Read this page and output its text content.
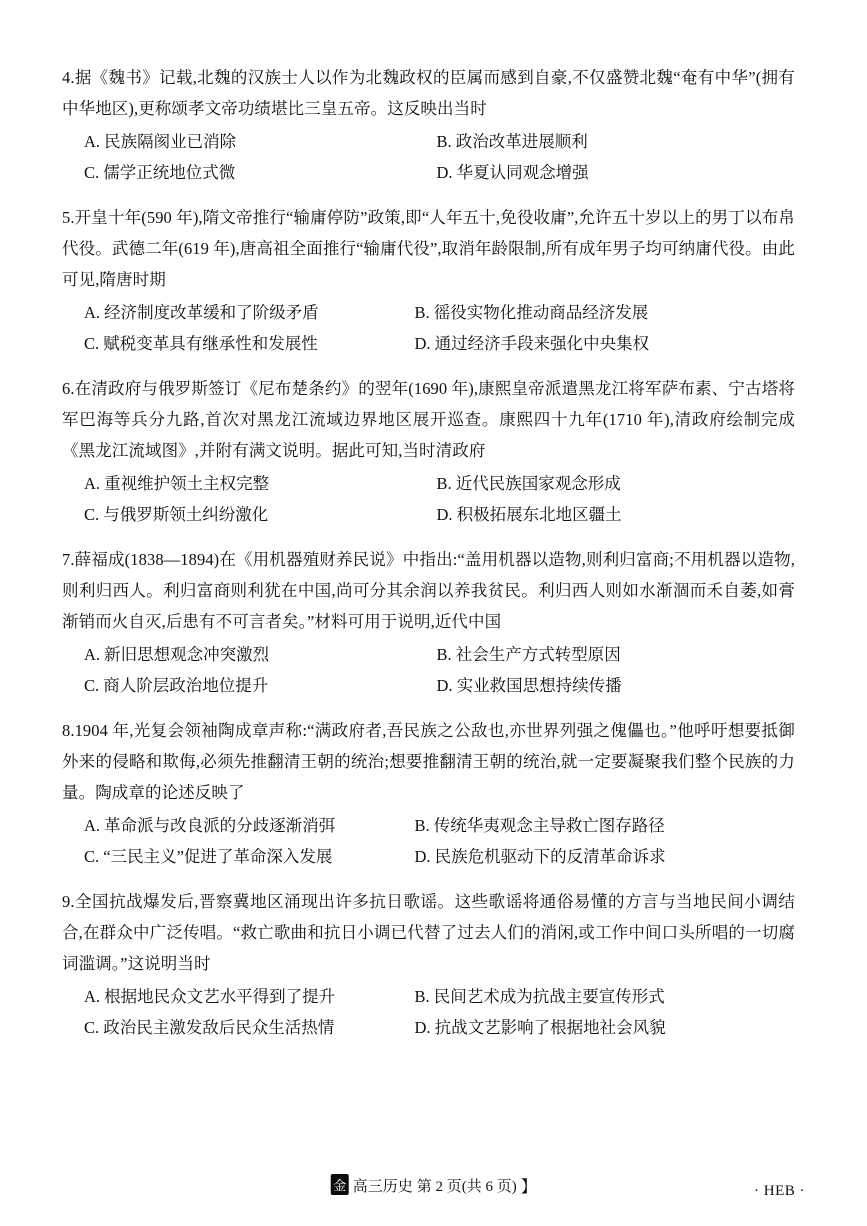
4.据《魏书》记载,北魏的汉族士人以作为北魏政权的臣属而感到自豪,不仅盛赞北魏“奄有中华”(拥有中华地区),更称颂孝文帝功绩堪比三皇五帝。这反映出当时
A. 民族隔阂业已消除	B. 政治改革进展顺利
C. 儒学正统地位式微	D. 华夏认同观念增强
5.开皇十年(590 年),隋文帝推行“输庸停防”政策,即“人年五十,免役收庸”,允许五十岁以上的男丁以布帛代役。武德二年(619 年),唐高祖全面推行“输庸代役”,取消年龄限制,所有成年男子均可纳庸代役。由此可见,隋唐时期
A. 经济制度改革缓和了阶级矛盾	B. 徭役实物化推动商品经济发展
C. 赋税变革具有继承性和发展性	D. 通过经济手段来强化中央集权
6.在清政府与俄罗斯签订《尼布楚条约》的翌年(1690 年),康熙皇帝派遣黑龙江将军萨布素、宁古塔将军巴海等兵分九路,首次对黑龙江流域边界地区展开巡查。康熙四十九年(1710 年),清政府绘制完成《黑龙江流域图》,并附有满文说明。据此可知,当时清政府
A. 重视维护领土主权完整	B. 近代民族国家观念形成
C. 与俄罗斯领土纠纷激化	D. 积极拓展东北地区疆土
7.薛福成(1838—1894)在《用机器殖财养民说》中指出:“盖用机器以造物,则利归富商;不用机器以造物,则利归西人。利归富商则利犹在中国,尚可分其余润以养我贫民。利归西人则如水渐涸而禾自萎,如膏渐销而火自灭,后患有不可言者矣。”材料可用于说明,近代中国
A. 新旧思想观念冲突激烈	B. 社会生产方式转型原因
C. 商人阶层政治地位提升	D. 实业救国思想持续传播
8.1904 年,光复会领袖陶成章声称:“满政府者,吾民族之公敌也,亦世界列强之傀儡也。”他呼吁想要抵御外来的侵略和欺侮,必须先推翻清王朝的统治;想要推翻清王朝的统治,就一定要凝聚我们整个民族的力量。陶成章的论述反映了
A. 革命派与改良派的分歧逐渐消弭	B. 传统华夷观念主导救亡图存路径
C. “三民主义”促进了革命深入发展	D. 民族危机驱动下的反清革命诉求
9.全国抗战爆发后,晋察冀地区涌现出许多抗日歌谣。这些歌谣将通俗易懂的方言与当地民间小调结合,在群众中广泛传唱。“救亡歌曲和抗日小调已代替了过去人们的消闲,或工作中间口头所唱的一切腐词滥调。”这说明当时
A. 根据地民众文艺水平得到了提升	B. 民间艺术成为抗战主要宣传形式
C. 政治民主激发敌后民众生活热情	D. 抗战文艺影响了根据地社会风貌
金 高三历史 第 2 页(共 6 页) 】	· HEB ·
